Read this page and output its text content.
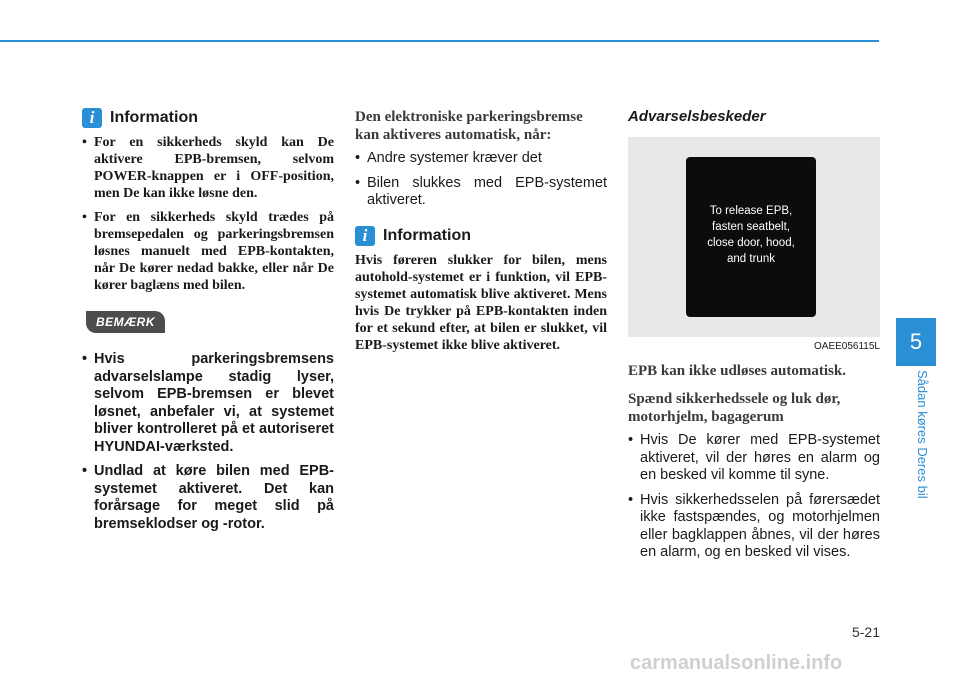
i Information
• For en sikkerheds skyld kan De aktivere EPB-bremsen, selvom POWER-knappen er i OFF-position, men De kan ikke løsne den.
• For en sikkerheds skyld trædes på bremsepedalen og parkeringsbremsen løsnes manuelt med EPB-kontakten, når De kører nedad bakke, eller når De kører baglæns med bilen.
BEMÆRK
• Hvis parkeringsbremsens advarselslampe stadig lyser, selvom EPB-bremsen er blevet løsnet, anbefaler vi, at systemet bliver kontrolleret på et autoriseret HYUNDAI-værksted.
• Undlad at køre bilen med EPB-systemet aktiveret. Det kan forårsage for meget slid på bremseklodser og -rotor.
Den elektroniske parkeringsbremse kan aktiveres automatisk, når:
• Andre systemer kræver det
• Bilen slukkes med EPB-systemet aktiveret.
i Information

Hvis føreren slukker for bilen, mens autohold-systemet er i funktion, vil EPB-systemet automatisk blive aktiveret. Mens hvis De trykker på EPB-kontakten inden for et sekund efter, at bilen er slukket, vil EPB-systemet ikke blive aktiveret.

Advarselsbeskeder
To release EPB,
fasten seatbelt,
close door, hood,
and trunk
OAEE056115L
EPB kan ikke udløses automatisk.
Spænd sikkerhedssele og luk dør, motorhjelm, bagagerum
• Hvis De kører med EPB-systemet aktiveret, vil der høres en alarm og en besked vil komme til syne.
• Hvis sikkerhedsselen på førersædet ikke fastspændes, og motorhjelmen eller bagklappen åbnes, vil der høres en alarm, og en besked vil vises.
5
Sådan køres Deres bil
5-21
carmanualsonline.info
